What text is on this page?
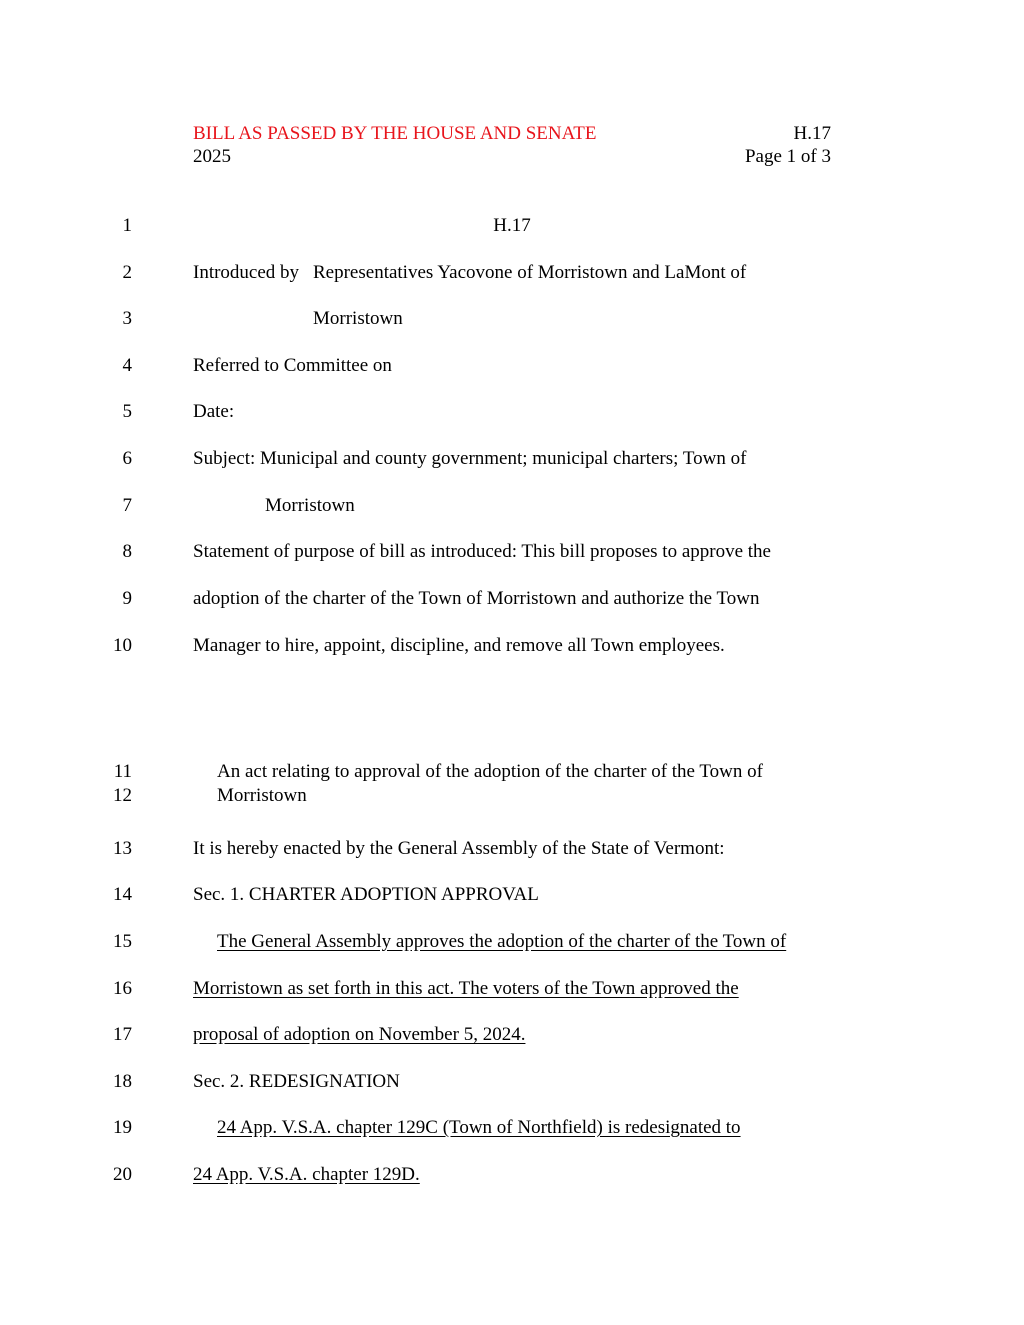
BILL AS PASSED BY THE HOUSE AND SENATE
2025
H.17
Page 1 of 3
1	H.17
2	Introduced by Representatives Yacovone of Morristown and LaMont of
3	Morristown
4	Referred to Committee on
5	Date:
6	Subject: Municipal and county government; municipal charters; Town of
7	Morristown
8	Statement of purpose of bill as introduced: This bill proposes to approve the
9	adoption of the charter of the Town of Morristown and authorize the Town
10	Manager to hire, appoint, discipline, and remove all Town employees.
11	An act relating to approval of the adoption of the charter of the Town of
12	Morristown
13	It is hereby enacted by the General Assembly of the State of Vermont:
14	Sec. 1. CHARTER ADOPTION APPROVAL
15	The General Assembly approves the adoption of the charter of the Town of
16	Morristown as set forth in this act. The voters of the Town approved the
17	proposal of adoption on November 5, 2024.
18	Sec. 2. REDESIGNATION
19	24 App. V.S.A. chapter 129C (Town of Northfield) is redesignated to
20	24 App. V.S.A. chapter 129D.
